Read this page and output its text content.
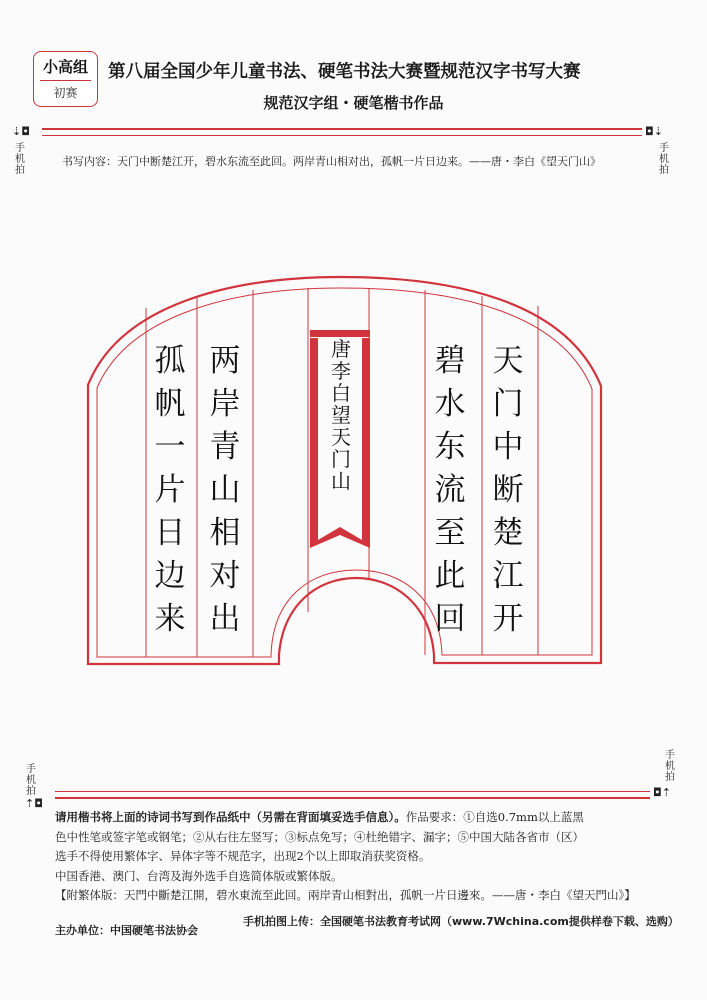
小高组
初赛
第八届全国少年儿童书法、硬笔书法大赛暨规范汉字书写大赛
规范汉字组・硬笔楷书作品
⇣◘
手
机
拍
◘⇣
手
机
拍
书写内容：天门中断楚江开，碧水东流至此回。两岸青山相对出，孤帆一片日边来。——唐・李白《望天门山》
天
门
中
断
楚
江
开
碧
水
东
流
至
此
回
两
岸
青
山
相
对
出
孤
帆
一
片
日
边
来
唐
李
白
望
天
门
山
手
机
拍
⇡◘
手
机
拍
◘⇡

请用楷书将上面的诗词书写到作品纸中（另需在背面填妥选手信息）。作品要求：①自选0.7mm以上蓝黑

色中性笔或签字笔或钢笔；②从右往左竖写；③标点免写；④杜绝错字、漏字；⑤中国大陆各省市（区）

选手不得使用繁体字、异体字等不规范字，出现2个以上即取消获奖资格。

中国香港、澳门、台湾及海外选手自选简体版或繁体版。

【附繁体版：天門中斷楚江開，碧水東流至此回。兩岸青山相對出，孤帆一片日邊來。——唐・李白《望天門山》】

手机拍图上传：全国硬笔书法教育考试网（www.7Wchina.com提供样卷下载、选购）
主办单位：中国硬笔书法协会
